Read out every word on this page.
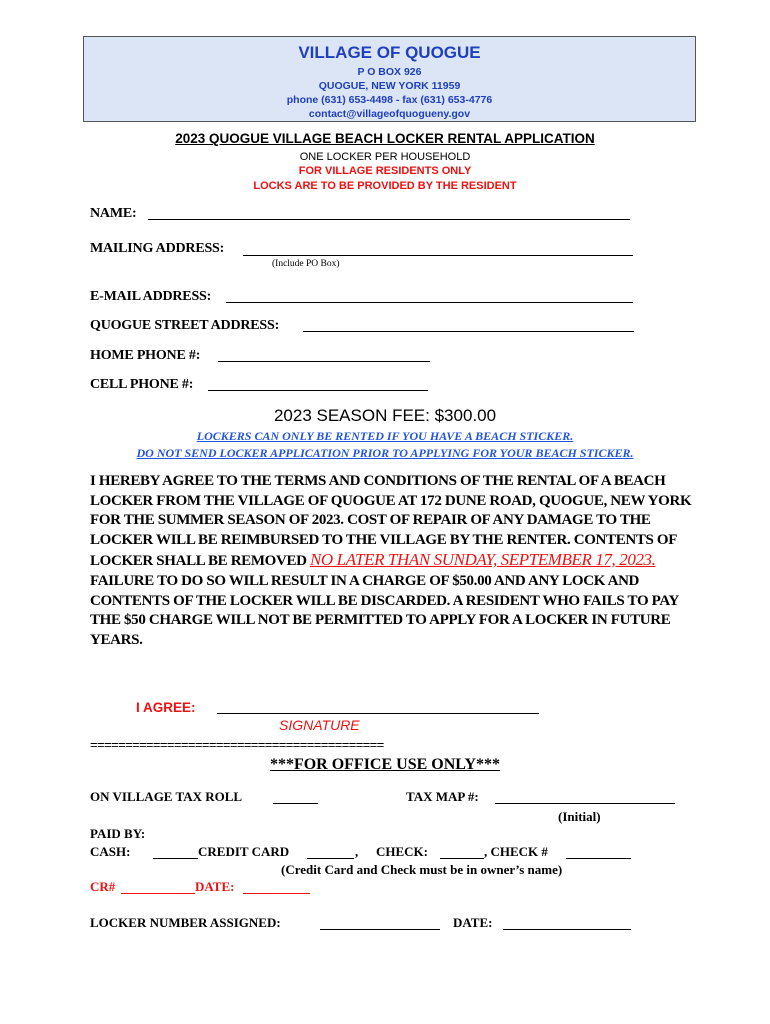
VILLAGE OF QUOGUE
P O BOX 926
QUOGUE, NEW YORK 11959
phone (631) 653-4498 - fax (631) 653-4776
contact@villageofquogueny.gov
2023 QUOGUE VILLAGE BEACH LOCKER RENTAL APPLICATION
ONE LOCKER PER HOUSEHOLD
FOR VILLAGE RESIDENTS ONLY
LOCKS ARE TO BE PROVIDED BY THE RESIDENT
NAME:
MAILING ADDRESS:
(Include PO Box)
E-MAIL ADDRESS:
QUOGUE STREET ADDRESS:
HOME PHONE #:
CELL PHONE #:
2023 SEASON FEE: $300.00
LOCKERS CAN ONLY BE RENTED IF YOU HAVE A BEACH STICKER.
DO NOT SEND LOCKER APPLICATION PRIOR TO APPLYING FOR YOUR BEACH STICKER.
I HEREBY AGREE TO THE TERMS AND CONDITIONS OF THE RENTAL OF A BEACH LOCKER FROM THE VILLAGE OF QUOGUE AT 172 DUNE ROAD, QUOGUE, NEW YORK FOR THE SUMMER SEASON OF 2023. COST OF REPAIR OF ANY DAMAGE TO THE LOCKER WILL BE REIMBURSED TO THE VILLAGE BY THE RENTER. CONTENTS OF LOCKER SHALL BE REMOVED NO LATER THAN SUNDAY, SEPTEMBER 17, 2023. FAILURE TO DO SO WILL RESULT IN A CHARGE OF $50.00 AND ANY LOCK AND CONTENTS OF THE LOCKER WILL BE DISCARDED. A RESIDENT WHO FAILS TO PAY THE $50 CHARGE WILL NOT BE PERMITTED TO APPLY FOR A LOCKER IN FUTURE YEARS.
I AGREE:
SIGNATURE
==========================================
***FOR OFFICE USE ONLY***
ON VILLAGE TAX ROLL	TAX MAP #:
(Initial)
PAID BY:
CASH:	CREDIT CARD	, CHECK:	, CHECK #
(Credit Card and Check must be in owner’s name)
CR#	DATE:
LOCKER NUMBER ASSIGNED:	DATE:
